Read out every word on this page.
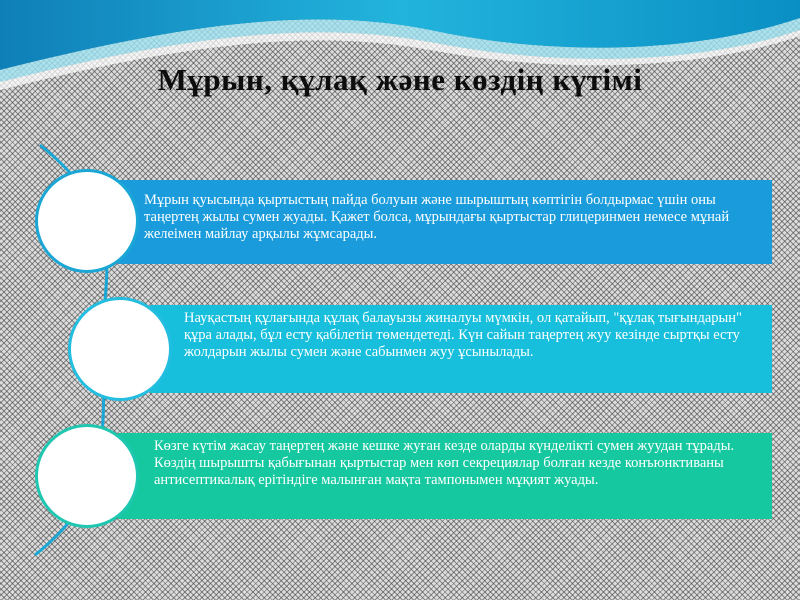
Мұрын, құлақ және көздің күтімі
Мұрын қуысында қыртыстың пайда болуын және шырыштың көптігін болдырмас үшін оны таңертең жылы сумен жуады. Қажет болса, мұрындағы қыртыстар глицеринмен немесе мұнай желеімен майлау арқылы жұмсарады.
Науқастың құлағында құлақ балауызы жиналуы мүмкін, ол қатайып, "құлақ тығындарын" құра алады, бұл есту қабілетін төмендетеді. Күн сайын таңертең жуу кезінде сыртқы есту жолдарын жылы сумен және сабынмен жуу ұсынылады.
Көзге күтім жасау таңертең және кешке жуған кезде оларды күнделікті сумен жуудан тұрады. Көздің шырышты қабығынан қыртыстар мен көп секрециялар болған кезде конъюнктиваны антисептикалық ерітіндіге малынған мақта тампонымен мұқият жуады.
